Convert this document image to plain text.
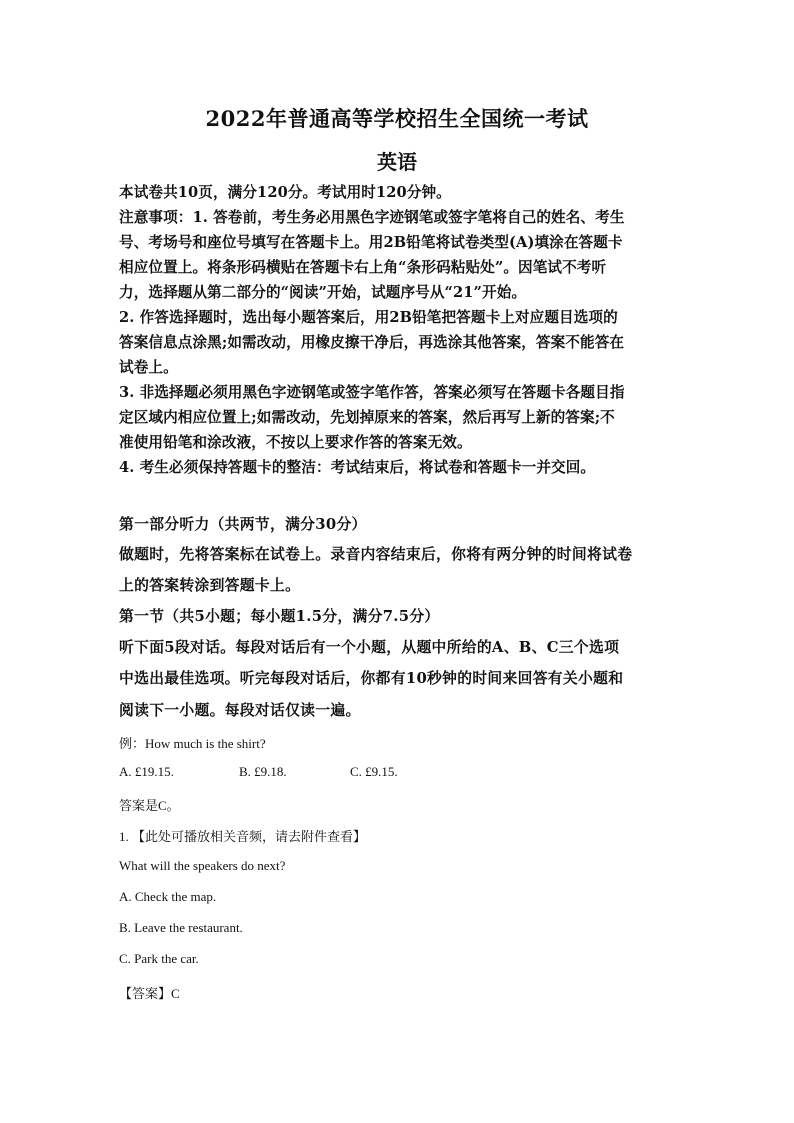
2022年普通高等学校招生全国统一考试
英语
本试卷共10页，满分120分。考试用时120分钟。
注意事项：1. 答卷前，考生务必用黑色字迹钢笔或签字笔将自己的姓名、考生
号、考场号和座位号填写在答题卡上。用2B铅笔将试卷类型(A)填涂在答题卡
相应位置上。将条形码横贴在答题卡右上角“条形码粘贴处”。因笔试不考听
力，选择题从第二部分的“阅读”开始，试题序号从“21”开始。
2. 作答选择题时，选出每小题答案后，用2B铅笔把答题卡上对应题目选项的
答案信息点涂黑;如需改动，用橡皮擦干净后，再选涂其他答案，答案不能答在
试卷上。
3. 非选择题必须用黑色字迹钢笔或签字笔作答，答案必须写在答题卡各题目指
定区域内相应位置上;如需改动，先划掉原来的答案，然后再写上新的答案;不
准使用铅笔和涂改液，不按以上要求作答的答案无效。
4. 考生必须保持答题卡的整洁：考试结束后，将试卷和答题卡一并交回。
第一部分听力（共两节，满分30分）
做题时，先将答案标在试卷上。录音内容结束后，你将有两分钟的时间将试卷
上的答案转涂到答题卡上。
第一节（共5小题；每小题1.5分，满分7.5分）
听下面5段对话。每段对话后有一个小题，从题中所给的A、B、C三个选项
中选出最佳选项。听完每段对话后，你都有10秒钟的时间来回答有关小题和
阅读下一小题。每段对话仅读一遍。
例：How much is the shirt?
A. £19.15.	B. £9.18.	C. £9.15.
答案是C。
1. 【此处可播放相关音频，请去附件查看】
What will the speakers do next?
A. Check the map.
B. Leave the restaurant.
C. Park the car.
【答案】C
